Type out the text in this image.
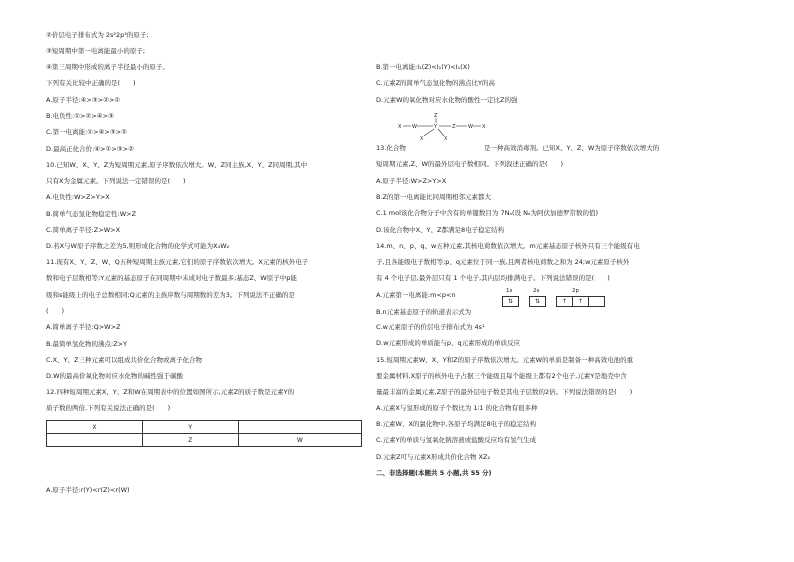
②价层电子排布式为 2s²2p³的原子;
③短周期中第一电离能最小的原子;
④第三周期中形成的离子半径最小的原子。
下列有关比较中正确的是(　　)
A.原子半径:④>③>②>①
B.电负性:①>②>④>③
C.第一电离能:①>④>③>②
D.最高正化合价:④>①>③>②
10.已知W、X、Y、Z为短周期元素,原子序数依次增大。W、Z同主族,X、Y、Z同周期,其中
只有X为金属元素。下列说法一定错误的是(　　)
A.电负性:W>Z>Y>X
B.简单气态氢化物稳定性:W>Z
C.简单离子半径:Z>W>X
D.若X与W原子序数之差为5,则形成化合物的化学式可能为X₃W₂
11.现有X、Y、Z、W、Q五种短周期主族元素,它们的原子序数依次增大。X元素的核外电子
数和电子层数相等;Y元素的基态原子在同周期中未成对电子数最多;基态Z、W原子中p能
级和s能级上的电子总数相同;Q元素的主族序数与周期数的差为3。下列说法不正确的是
(　　)
A.简单离子半径:Q>W>Z
B.最简单氢化物的沸点:Z>Y
C.X、Y、Z三种元素可以组成共价化合物或离子化合物
D.W的最高价氧化物对应水化物的碱性强于碳酸
12.四种短周期元素X、Y、Z和W在周期表中的位置如图所示,元素Z的质子数是元素Y的
质子数的两倍,下列有关说法正确的是(　　)
X	Y	
	Z	W
A.原子半径:r(Y)<r(Z)<r(W)
B.第一电离能:I₁(Z)<I₁(Y)<I₁(X)
C.元素Z的简单气态氢化物的沸点比Y的高
D.元素W的氧化物对应水化物的酸性一定比Z的强
Z
X W	Y	Z	W X
X	X
13.化合物	是一种高效消毒剂。已知X、Y、Z、W为原子序数依次增大的
短周期元素,Z、W的最外层电子数相同。下列叙述正确的是(　　)
A.原子半径:W>Z>Y>X
B.Z的第一电离能比同周期相邻元素都大
C.1 mol该化合物分子中含有的单键数目为 7Nₐ(设 Nₐ为阿伏加德罗常数的值)
D.该化合物中X、Y、Z都满足8电子稳定结构
14.m、n、p、q、w五种元素,其核电荷数依次增大。m元素基态原子核外只有三个能级有电
子,且各能级电子数相等;p、q元素位于同一族,且两者核电荷数之和为 24;w元素原子核外
有 4 个电子层,最外层只有 1 个电子,其内层均排满电子。下列说法错误的是(　　)
A.元素第一电离能:m<p<n	1s	2s	2p
⇅	⇅	↑	↑
B.n元素基态原子的轨道表示式为
C.w元素原子的价层电子排布式为 4s¹
D.w元素形成的单质能与p、q元素形成的单质反应
15.短周期元素W、X、Y和Z的原子序数依次增大。元素W的单质是制备一种高效电池的重
要金属材料,X原子的核外电子占据三个能级且每个能级上都有2个电子,元素Y是地壳中含
量最丰富的金属元素,Z原子的最外层电子数是其电子层数的2倍。下列说法错误的是(　　)
A.元素X与氢形成的原子个数比为 1∶1 的化合物有很多种
B.元素W、X的氯化物中,各原子均满足8电子的稳定结构
C.元素Y的单质与氢氧化钠溶液或盐酸反应均有氢气生成
D.元素Z可与元素X形成共价化合物 XZ₂
二、非选择题(本题共 5 小题,共 55 分)
